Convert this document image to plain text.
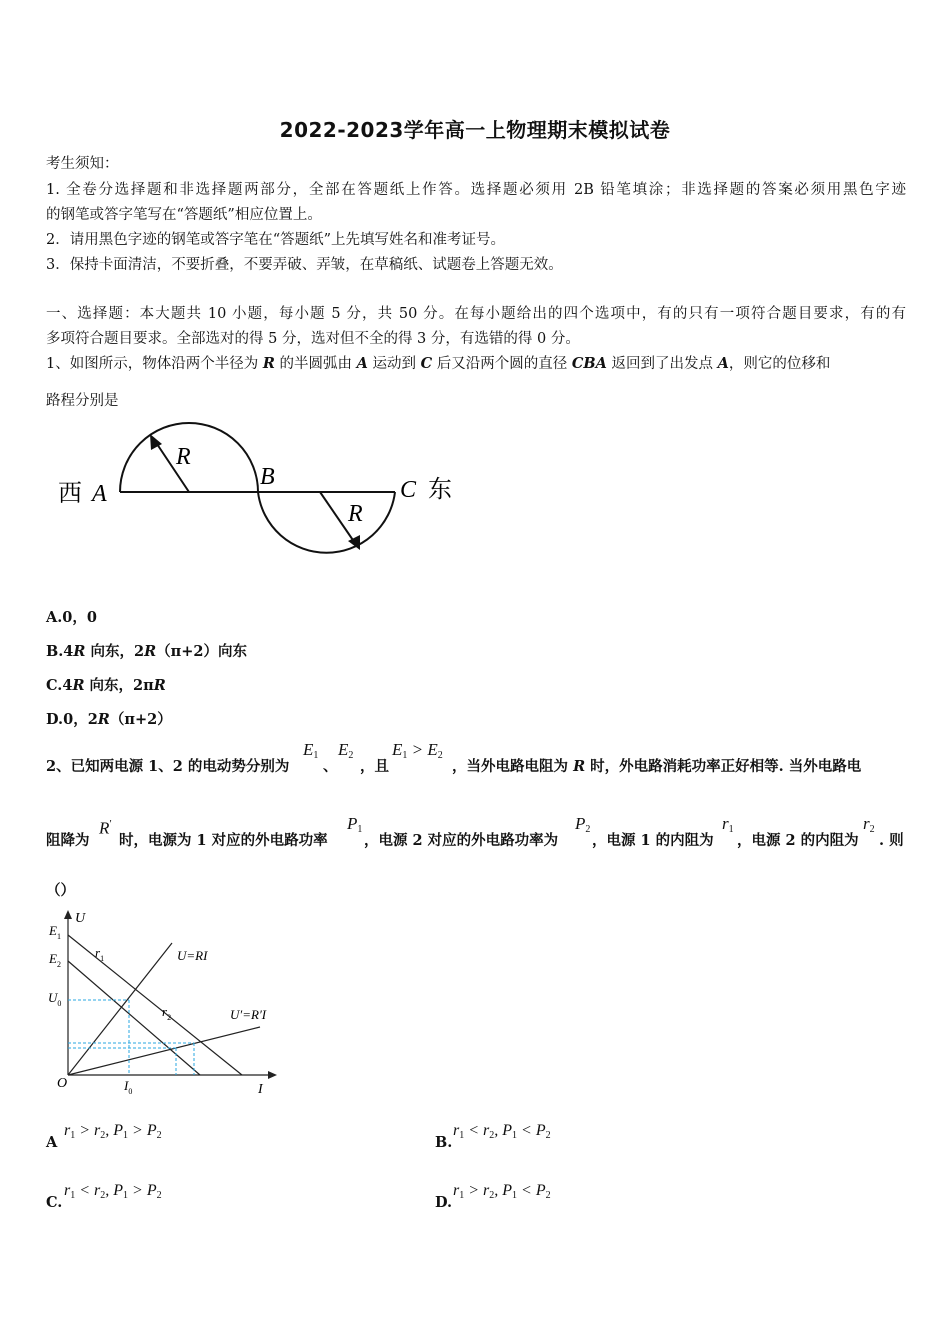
2022-2023学年高一上物理期末模拟试卷
考生须知：
1. 全卷分选择题和非选择题两部分，全部在答题纸上作答。选择题必须用 2B 铅笔填涂；非选择题的答案必须用黑色字迹
的钢笔或答字笔写在“答题纸”相应位置上。
2．请用黑色字迹的钢笔或答字笔在“答题纸”上先填写姓名和准考证号。
3．保持卡面清洁，不要折叠，不要弄破、弄皱，在草稿纸、试题卷上答题无效。
一、选择题：本大题共 10 小题，每小题 5 分，共 50 分。在每小题给出的四个选项中，有的只有一项符合题目要求，有的有
多项符合题目要求。全部选对的得 5 分，选对但不全的得 3 分，有选错的得 0 分。
1、如图所示，物体沿两个半径为 R 的半圆弧由 A 运动到 C 后又沿两个圆的直径 CBA 返回到了出发点 A，则它的位移和
路程分别是
西 A
B	C 东
R
R
A.0，0
B.4R 向东，2R（π+2）向东
C.4R 向东，2πR
D.0，2R（π+2）
2、已知两电源 1、2 的电动势分别为
$E_1$
、
$E_2$
，且
$E_1 > E_2$
，当外电路电阻为 R 时，外电路消耗功率正好相等. 当外电路电
阻降为
R′
时，电源为 1 对应的外电路功率
$P_1$
，电源 2 对应的外电路功率为
$P_2$
，电源 1 的内阻为
$r_1$
，电源 2 的内阻为
$r_2$
. 则
（）
U
I
O
$E_1$
$E_2$
$U_0$
$I_0$
$r_1$
$r_2$
U=RI
U′=R′I
A
$r_1 > r_2$, $P_1 > P_2$	B.
$r_1 < r_2$, $P_1 < P_2$
C.
$r_1 < r_2$, $P_1 > P_2$	D.
$r_1 > r_2$, $P_1 < P_2$
